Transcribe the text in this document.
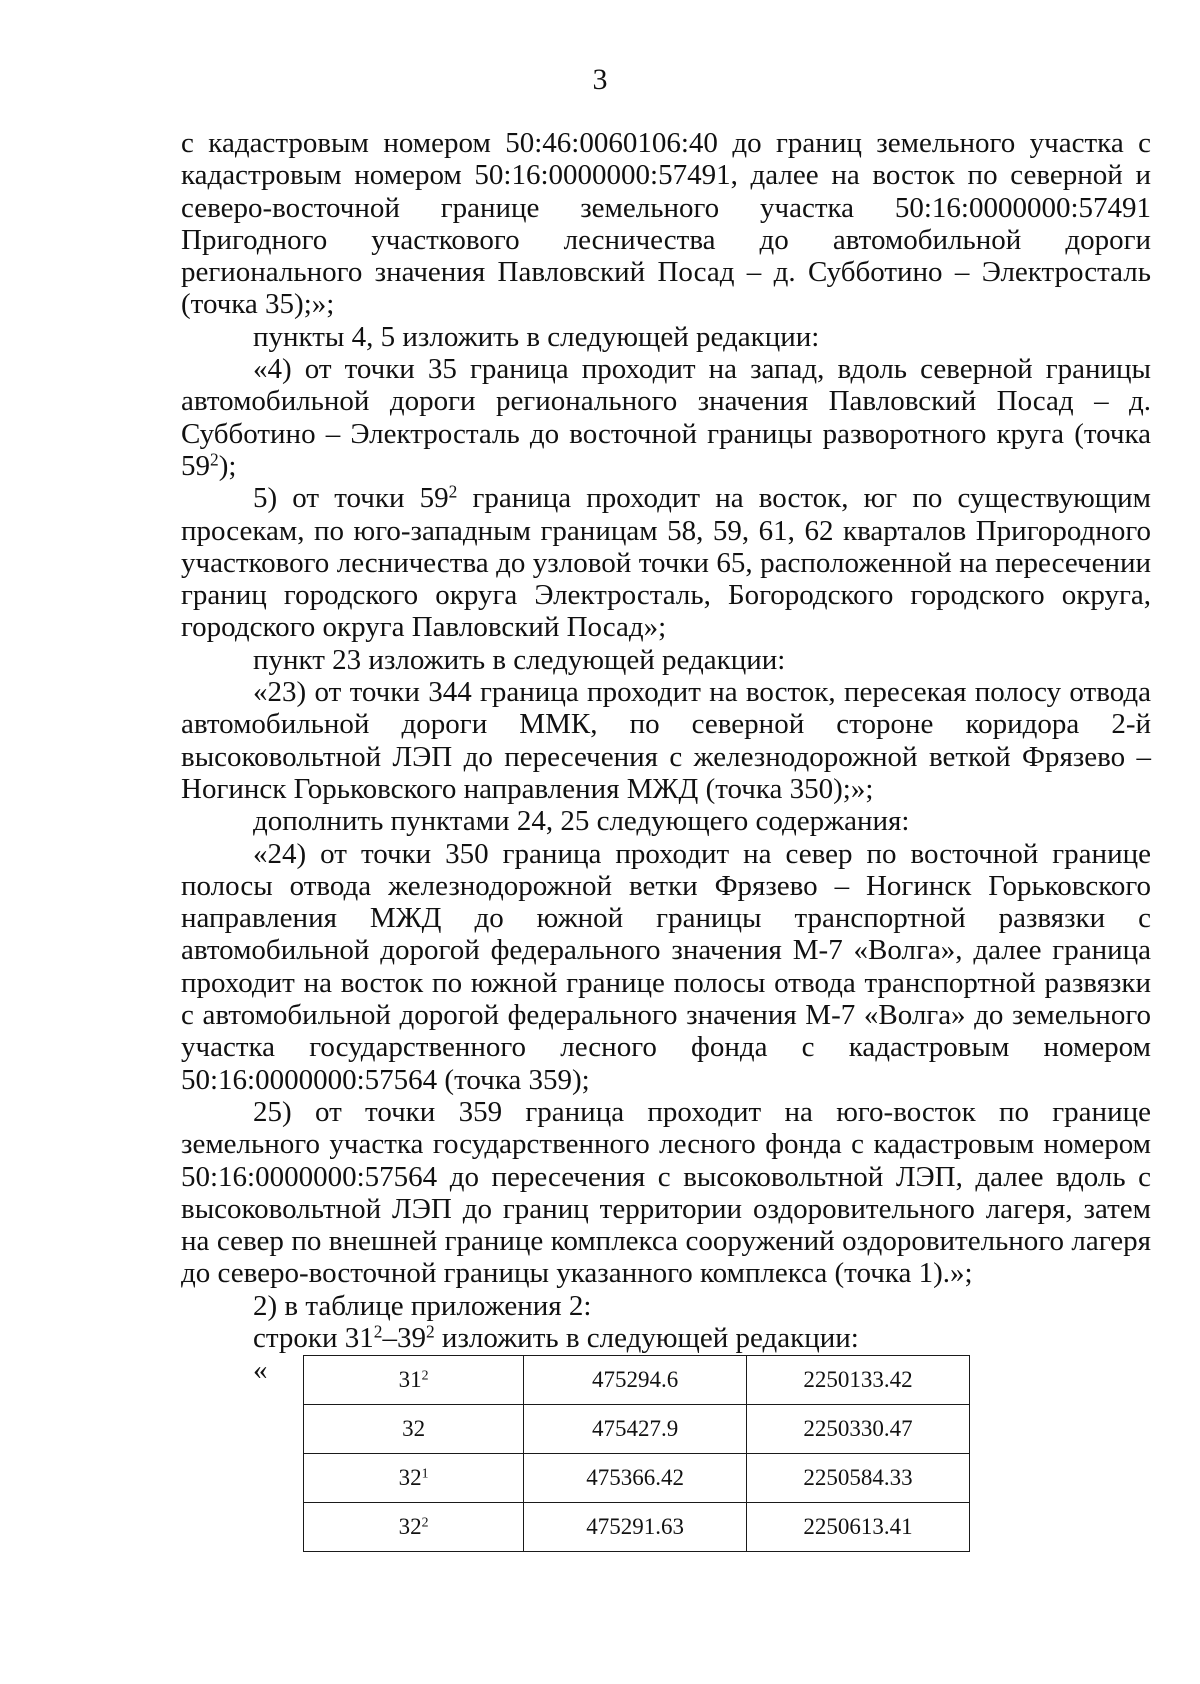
3

с кадастровым номером 50:46:0060106:40 до границ земельного участка с кадастровым номером 50:16:0000000:57491, далее на восток по северной и северо-восточной границе земельного участка 50:16:0000000:57491 Пригодного участкового лесничества до автомобильной дороги регионального значения Павловский Посад – д. Субботино – Электросталь (точка 35);»;

пункты 4, 5 изложить в следующей редакции:

«4) от точки 35 граница проходит на запад, вдоль северной границы автомобильной дороги регионального значения Павловский Посад – д. Субботино – Электросталь до восточной границы разворотного круга (точка $59^2$);

5) от точки $59^2$ граница проходит на восток, юг по существующим просекам, по юго-западным границам 58, 59, 61, 62 кварталов Пригородного участкового лесничества до узловой точки 65, расположенной на пересечении границ городского округа Электросталь, Богородского городского округа, городского округа Павловский Посад»;

пункт 23 изложить в следующей редакции:

«23) от точки 344 граница проходит на восток, пересекая полосу отвода автомобильной дороги ММК, по северной стороне коридора 2-й высоковольтной ЛЭП до пересечения с железнодорожной веткой Фрязево – Ногинск Горьковского направления МЖД (точка 350);»;

дополнить пунктами 24, 25 следующего содержания:

«24) от точки 350 граница проходит на север по восточной границе полосы отвода железнодорожной ветки Фрязево – Ногинск Горьковского направления МЖД до южной границы транспортной развязки с автомобильной дорогой федерального значения М-7 «Волга», далее граница проходит на восток по южной границе полосы отвода транспортной развязки с автомобильной дорогой федерального значения М-7 «Волга» до земельного участка государственного лесного фонда с кадастровым номером 50:16:0000000:57564 (точка 359);

25) от точки 359 граница проходит на юго-восток по границе земельного участка государственного лесного фонда с кадастровым номером 50:16:0000000:57564 до пересечения с высоковольтной ЛЭП, далее вдоль с высоковольтной ЛЭП до границ территории оздоровительного лагеря, затем на север по внешней границе комплекса сооружений оздоровительного лагеря до северо-восточной границы указанного комплекса (точка 1).»;

2) в таблице приложения 2:

строки $31^2-39^2$ изложить в следующей редакции:

«	$31^2$	475294.6	2250133.42
32	475427.9	2250330.47
$32^1$	475366.42	2250584.33
$32^2$	475291.63	2250613.41
